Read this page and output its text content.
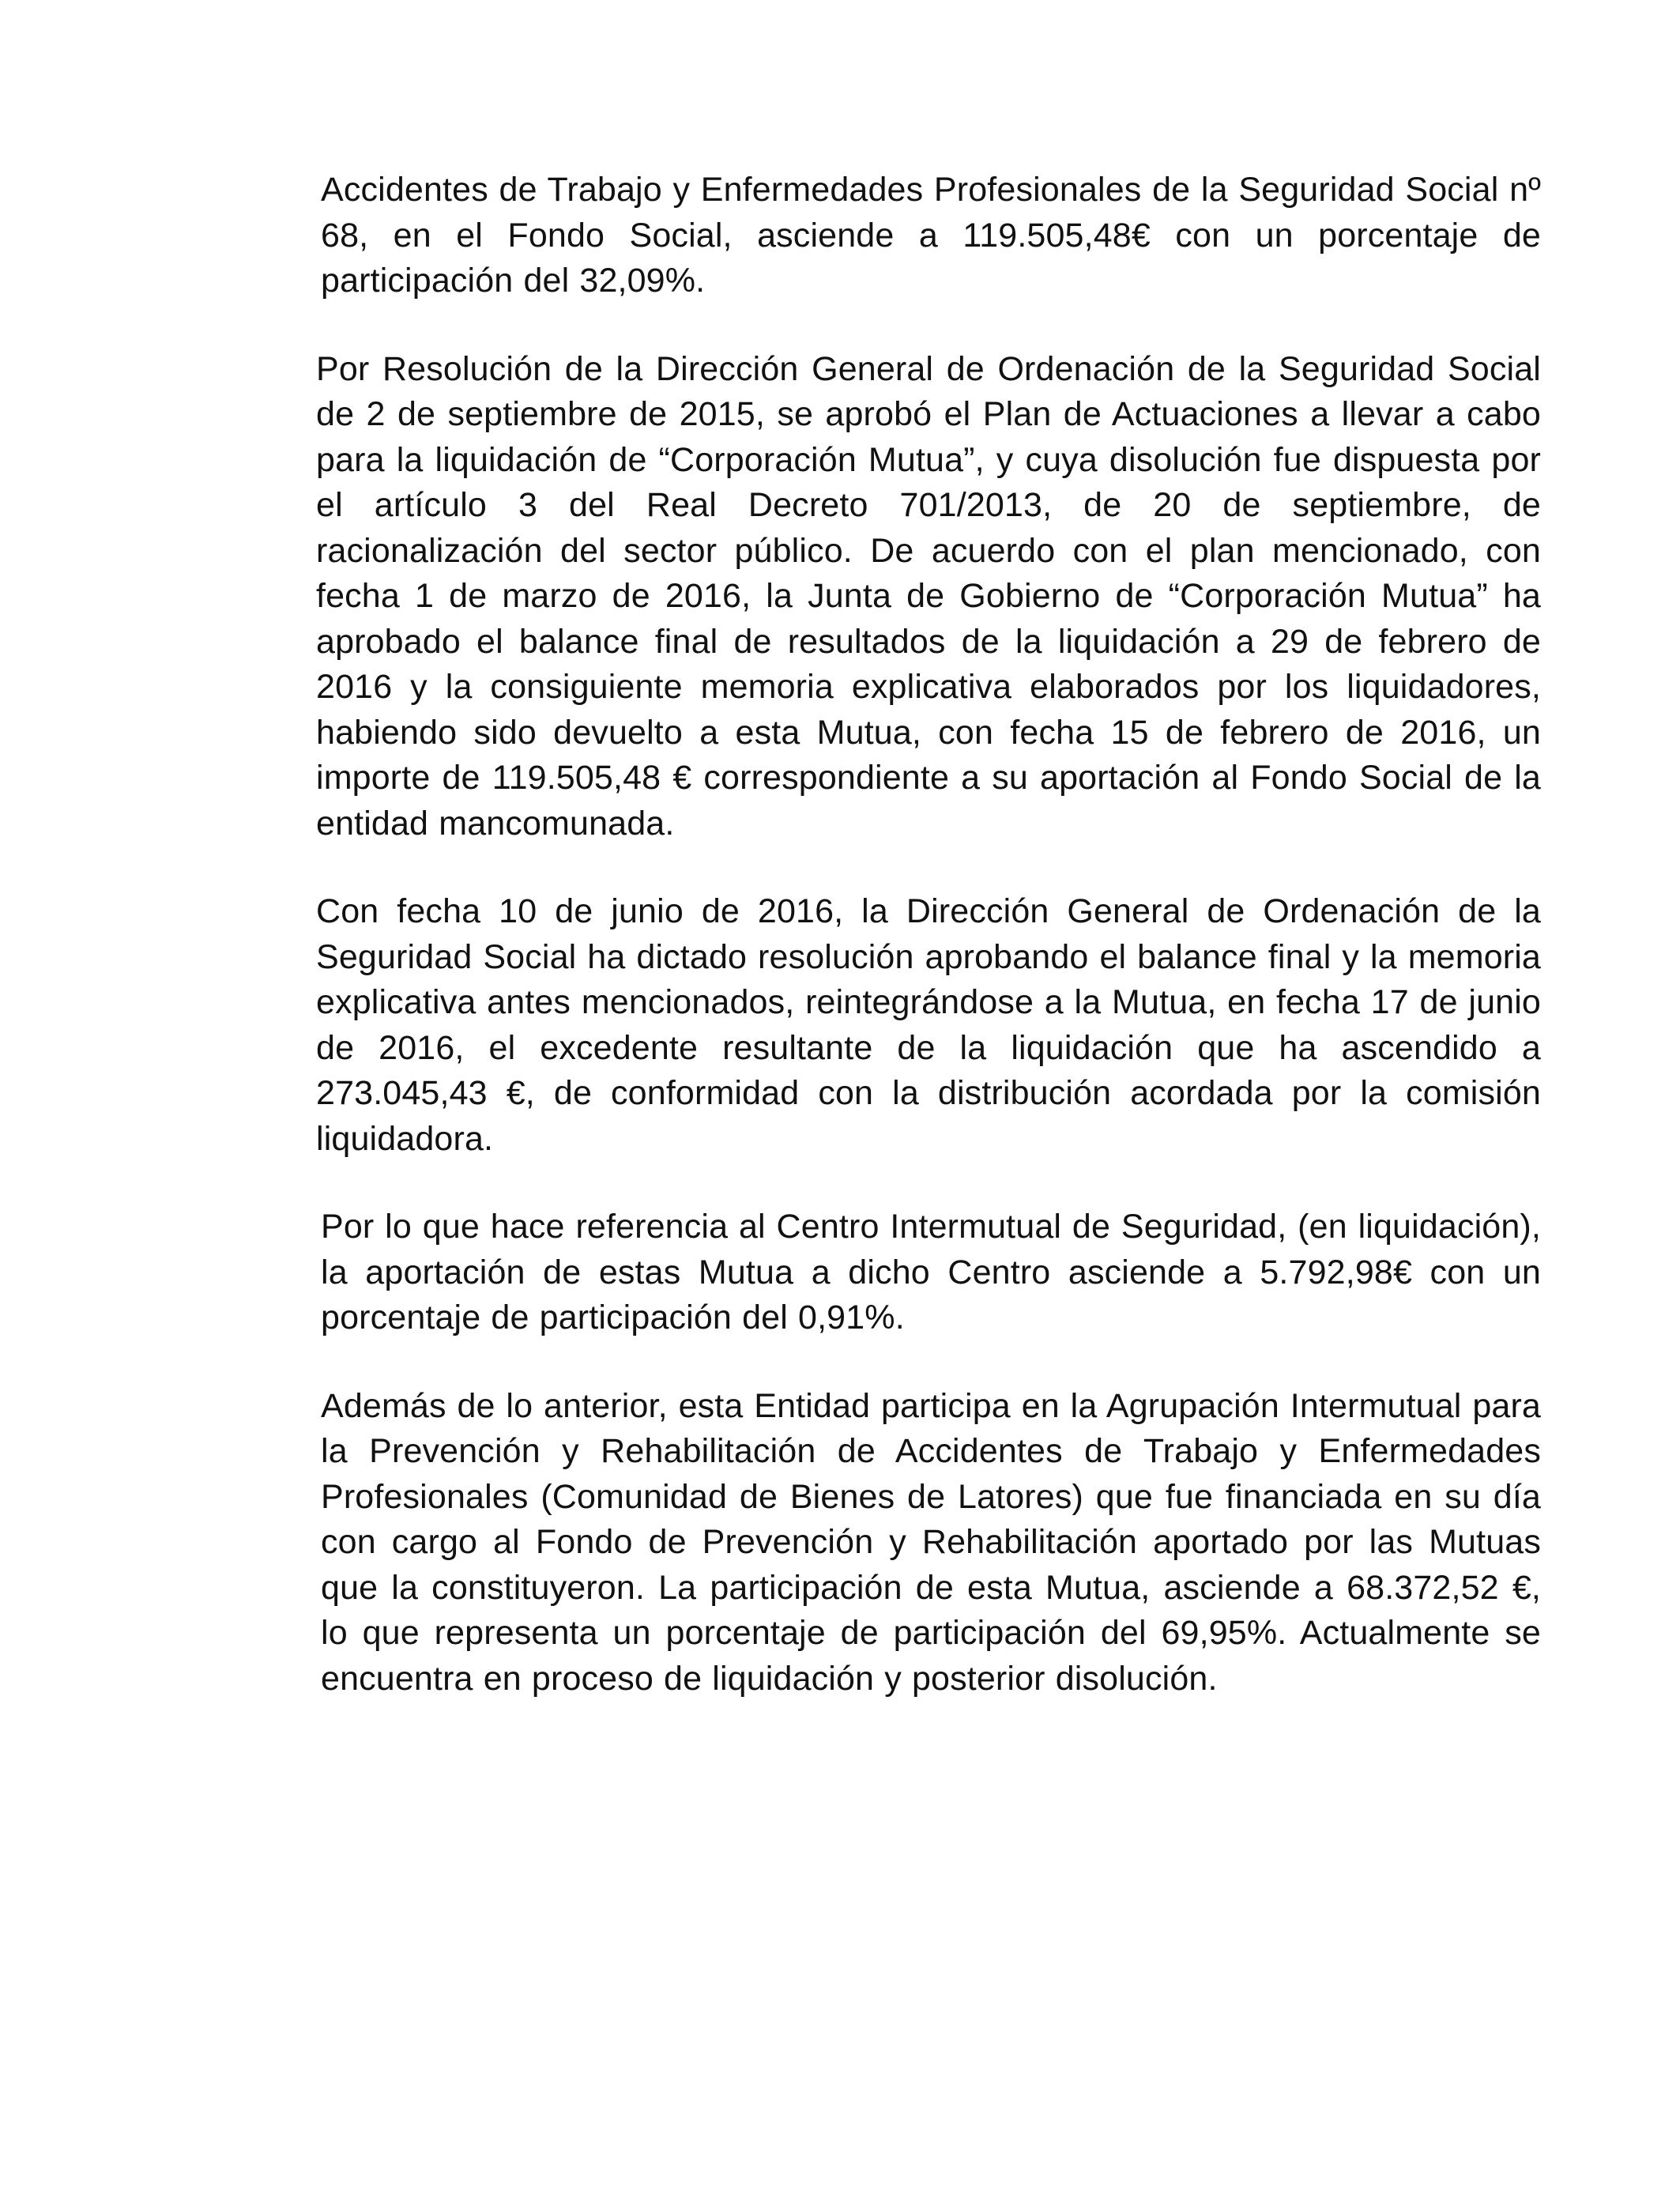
Accidentes de Trabajo y Enfermedades Profesionales de la Seguridad Social nº 68, en el Fondo Social, asciende a 119.505,48€ con un porcentaje de participación del 32,09%.

Por Resolución de la Dirección General de Ordenación de la Seguridad Social de 2 de septiembre de 2015, se aprobó el Plan de Actuaciones a llevar a cabo para la liquidación de “Corporación Mutua”, y cuya disolución fue dispuesta por el artículo 3 del Real Decreto 701/2013, de 20 de septiembre, de racionalización del sector público. De acuerdo con el plan mencionado, con fecha 1 de marzo de 2016, la Junta de Gobierno de “Corporación Mutua” ha aprobado el balance final de resultados de la liquidación a 29 de febrero de 2016 y la consiguiente memoria explicativa elaborados por los liquidadores, habiendo sido devuelto a esta Mutua, con fecha 15 de febrero de 2016, un importe de 119.505,48 € correspondiente a su aportación al Fondo Social de la entidad mancomunada.

Con fecha 10 de junio de 2016, la Dirección General de Ordenación de la Seguridad Social ha dictado resolución aprobando el balance final y la memoria explicativa antes mencionados, reintegrándose a la Mutua, en fecha 17 de junio de 2016, el excedente resultante de la liquidación que ha ascendido a 273.045,43 €, de conformidad con la distribución acordada por la comisión liquidadora.

Por lo que hace referencia al Centro Intermutual de Seguridad, (en liquidación), la aportación de estas Mutua a dicho Centro asciende a 5.792,98€ con un porcentaje de participación del 0,91%.

Además de lo anterior, esta Entidad participa en la Agrupación Intermutual para la Prevención y Rehabilitación de Accidentes de Trabajo y Enfermedades Profesionales (Comunidad de Bienes de Latores) que fue financiada en su día con cargo al Fondo de Prevención y Rehabilitación aportado por las Mutuas que la constituyeron. La participación de esta Mutua, asciende a 68.372,52 €, lo que representa un porcentaje de participación del 69,95%. Actualmente se encuentra en proceso de liquidación y posterior disolución.
